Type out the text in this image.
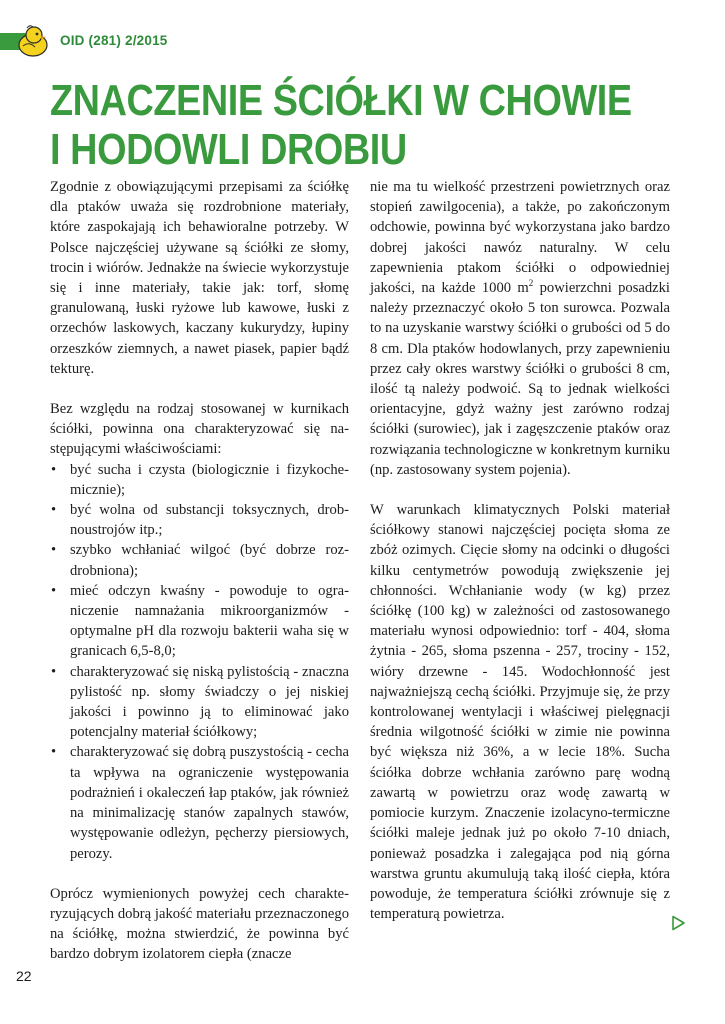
OID (281) 2/2015
ZNACZENIE ŚCIÓŁKI W CHOWIE
I HODOWLI DROBIU

Zgodnie z obowiązującymi przepisami za ściółkę dla ptaków uważa się rozdrobnione materiały, które zaspokajają ich behawioralne potrzeby. W Polsce najczęściej używane są ściółki ze słomy, trocin i wiórów. Jednakże na świecie wykorzystuje się i inne materiały, takie jak: torf, słomę granulowaną, łuski ryżowe lub kawowe, łuski z orzechów laskowych, kaczany kukurydzy, łupiny orzeszków ziemnych, a nawet piasek, papier bądź tekturę.

Bez względu na rodzaj stosowanej w kurnikach ściółki, powinna ona charakteryzować się następującymi właściwościami:

• być sucha i czysta (biologicznie i fizykochemicznie);
• być wolna od substancji toksycznych, drobnoustrojów itp.;
• szybko wchłaniać wilgoć (być dobrze rozdrobniona);
• mieć odczyn kwaśny - powoduje to ograniczenie namnażania mikroorganizmów - optymalne pH dla rozwoju bakterii waha się w granicach 6,5-8,0;
• charakteryzować się niską pylistością - znaczna pylistość np. słomy świadczy o jej niskiej jakości i powinno ją to eliminować jako potencjalny materiał ściółkowy;
• charakteryzować się dobrą puszystością - cecha ta wpływa na ograniczenie występowania podrażnień i okaleczeń łap ptaków, jak również na minimalizację stanów zapalnych stawów, występowanie odleżyn, pęcherzy piersiowych, perozy.

Oprócz wymienionych powyżej cech charakteryzujących dobrą jakość materiału przeznaczonego na ściółkę, można stwierdzić, że powinna być bardzo dobrym izolatorem ciepła (znacze

nie ma tu wielkość przestrzeni powietrznych oraz stopień zawilgocenia), a także, po zakończonym odchowie, powinna być wykorzystana jako bardzo dobrej jakości nawóz naturalny. W celu zapewnienia ptakom ściółki o odpowiedniej jakości, na każde 1000 $m^2$ powierzchni posadzki należy przeznaczyć około 5 ton surowca. Pozwala to na uzyskanie warstwy ściółki o grubości od 5 do 8 cm. Dla ptaków hodowlanych, przy zapewnieniu przez cały okres warstwy ściółki o grubości 8 cm, ilość tą należy podwoić. Są to jednak wielkości orientacyjne, gdyż ważny jest zarówno rodzaj ściółki (surowiec), jak i zagęszczenie ptaków oraz rozwiązania technologiczne w konkretnym kurniku (np. zastosowany system pojenia).

W warunkach klimatycznych Polski materiał ściółkowy stanowi najczęściej pocięta słoma ze zbóż ozimych. Cięcie słomy na odcinki o długości kilku centymetrów powodują zwiększenie jej chłonności. Wchłanianie wody (w kg) przez ściółkę (100 kg) w zależności od zastosowanego materiału wynosi odpowiednio: torf - 404, słoma żytnia - 265, słoma pszenna - 257, trociny - 152, wióry drzewne - 145. Wodochłonność jest najważniejszą cechą ściółki. Przyjmuje się, że przy kontrolowanej wentylacji i właściwej pielęgnacji średnia wilgotność ściółki w zimie nie powinna być większa niż 36%, a w lecie 18%. Sucha ściółka dobrze wchłania zarówno parę wodną zawartą w powietrzu oraz wodę zawartą w pomiocie kurzym. Znaczenie izolacyno-termiczne ściółki maleje jednak już po około 7-10 dniach, ponieważ posadzka i zalegająca pod nią górna warstwa gruntu akumulują taką ilość ciepła, która powoduje, że temperatura ściółki zrównuje się z temperaturą powietrza.

22
